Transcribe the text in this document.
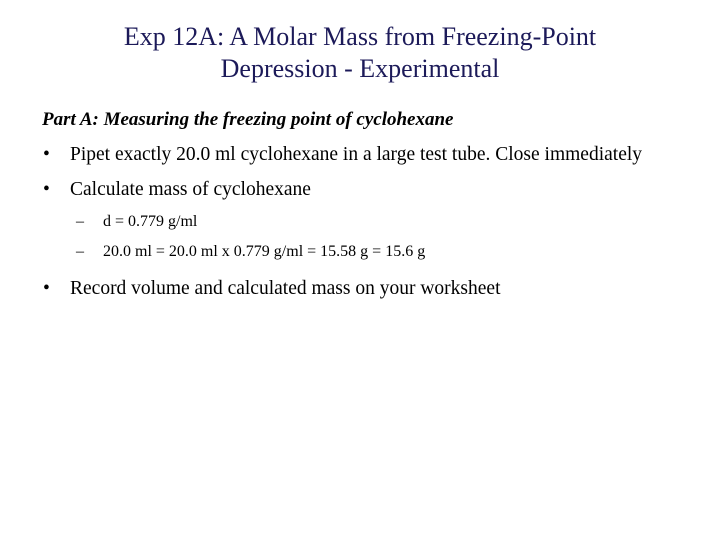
Exp 12A: A Molar Mass from Freezing-Point
Depression - Experimental
Part A: Measuring the freezing point of cyclohexane
• Pipet exactly 20.0 ml cyclohexane in a large test tube. Close immediately
• Calculate mass of cyclohexane
– d = 0.779 g/ml
– 20.0 ml = 20.0 ml x 0.779 g/ml = 15.58 g = 15.6 g
• Record volume and calculated mass on your worksheet
